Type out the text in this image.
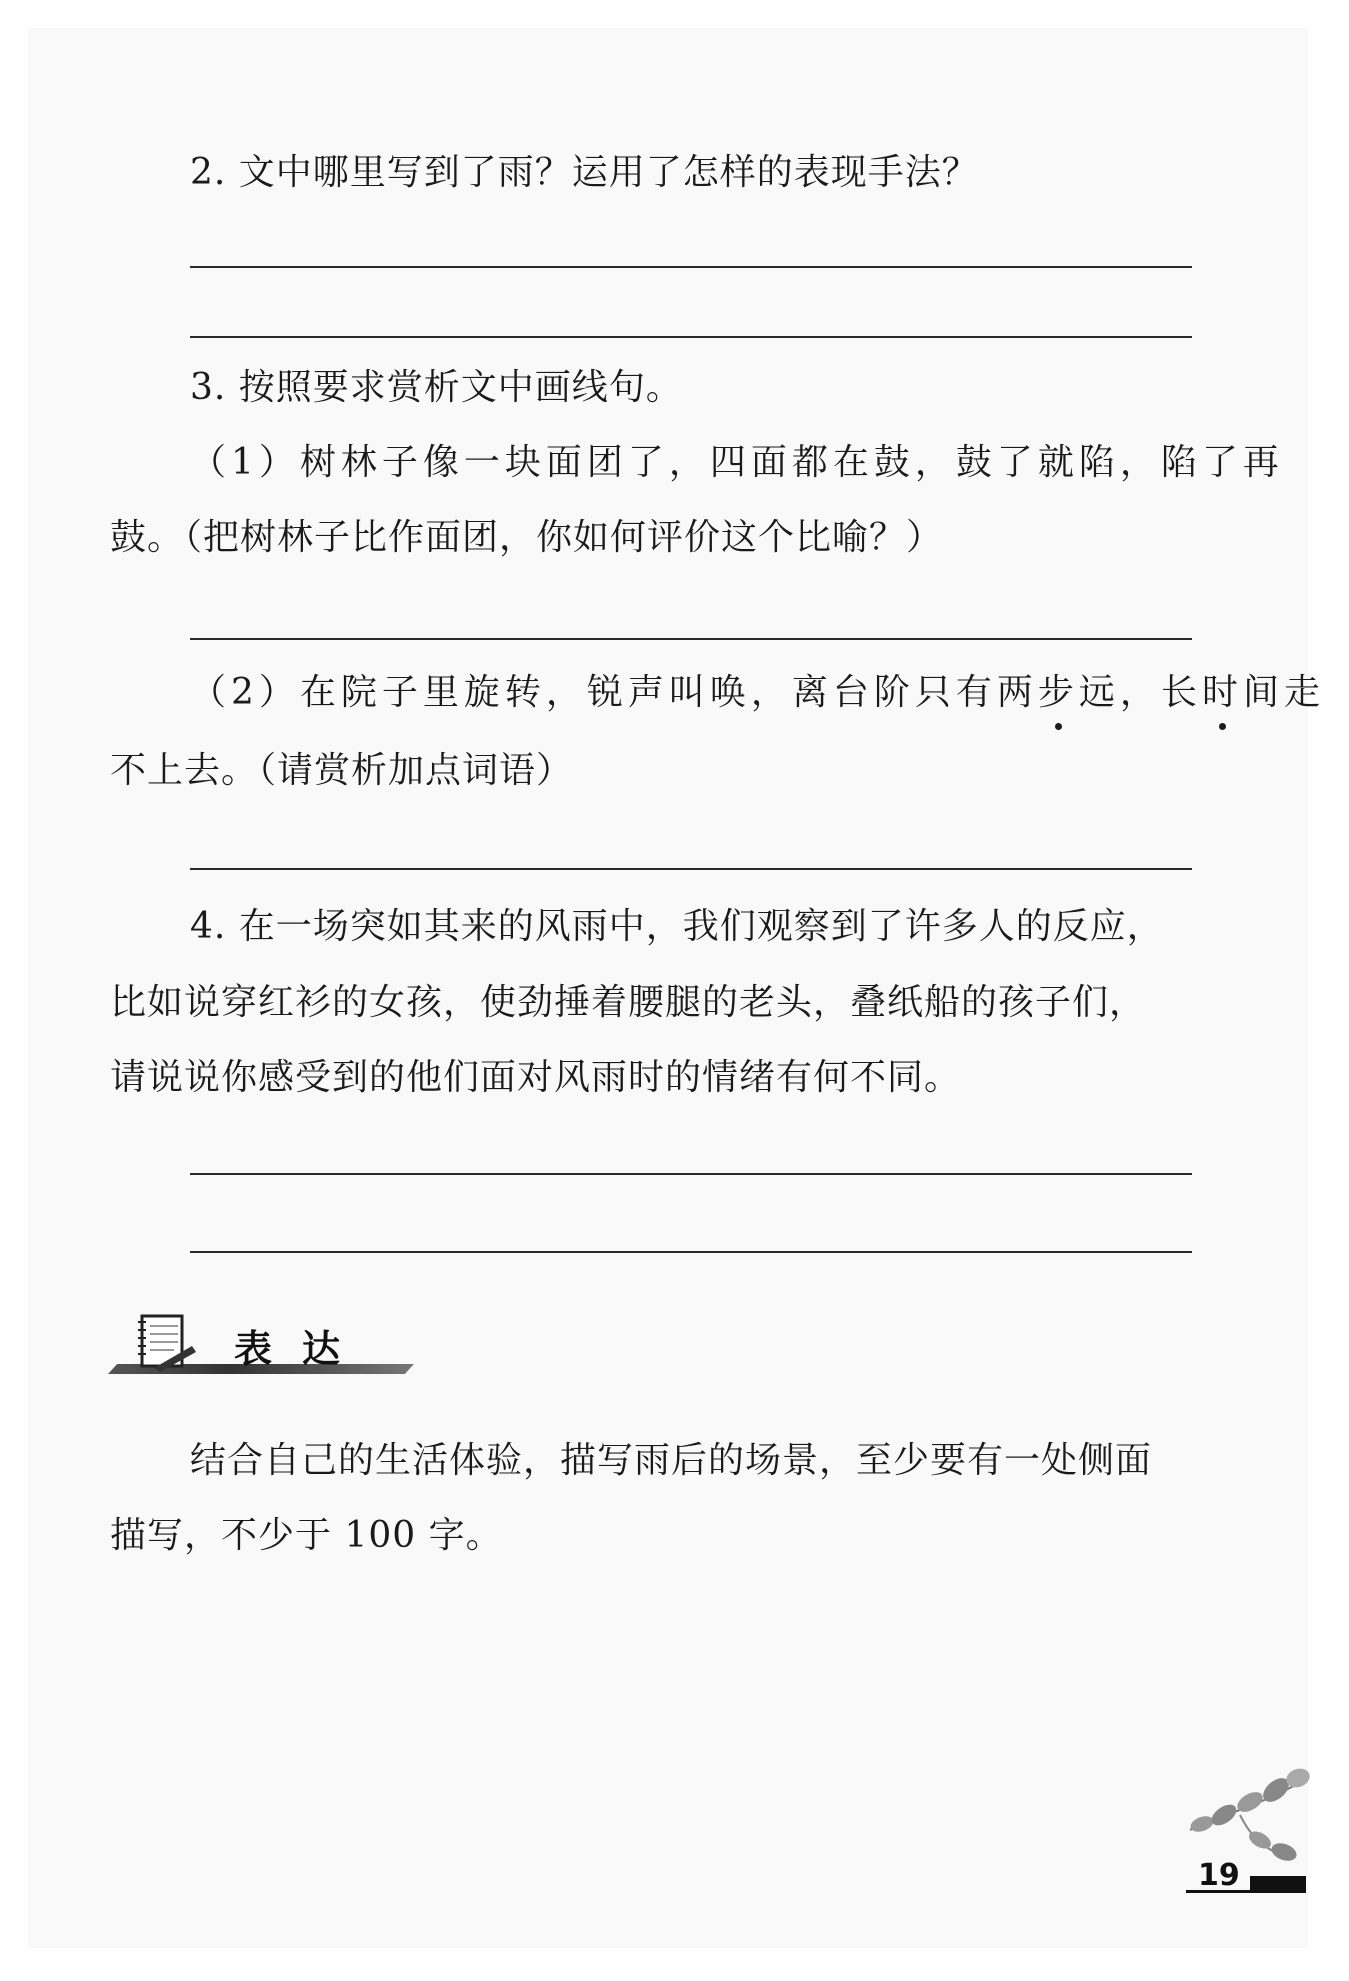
2. 文中哪里写到了雨？运用了怎样的表现手法？
3. 按照要求赏析文中画线句。
（1）树林子像一块面团了，四面都在鼓，鼓了就陷，陷了再
鼓。（把树林子比作面团，你如何评价这个比喻？）
（2）在院子里旋转，锐声叫唤，离台阶只有两步远，长时间走
不上去。（请赏析加点词语）
4. 在一场突如其来的风雨中，我们观察到了许多人的反应，
比如说穿红衫的女孩，使劲捶着腰腿的老头，叠纸船的孩子们，
请说说你感受到的他们面对风雨时的情绪有何不同。
表达
结合自己的生活体验，描写雨后的场景，至少要有一处侧面
描写，不少于 100 字。
19
